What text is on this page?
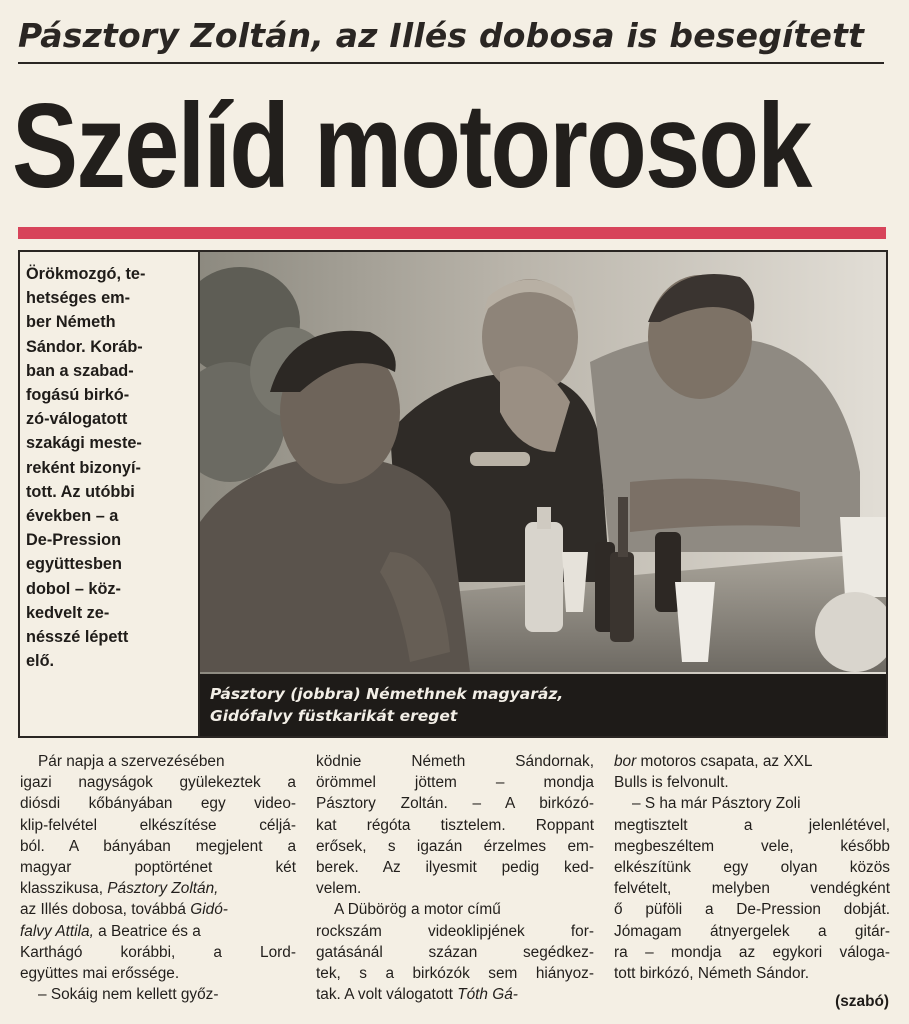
Pásztory Zoltán, az Illés dobosa is besegített
Szelíd motorosok

Örökmozgó, te-
hetséges em-
ber Németh
Sándor. Koráb-
ban a szabad-
fogású birkó-
zó-válogatott
szakági meste-
reként bizonyí-
tott. Az utóbbi
években – a
De-Pression
együttesben
dobol – köz-
kedvelt ze-
nésszé lépett
elő.

Pásztory (jobbra) Némethnek magyaráz,
Gidófalvy füstkarikát ereget
Pár napja a szervezésében
igazi nagyságok gyülekeztek a
diósdi kőbányában egy video-
klip-felvétel elkészítése céljá-
ból. A bányában megjelent a
magyar poptörténet két
klasszikusa, Pásztory Zoltán,
az Illés dobosa, továbbá Gidó-
falvy Attila, a Beatrice és a
Karthágó korábbi, a Lord-
együttes mai erőssége.
– Sokáig nem kellett győz-
ködnie Németh Sándornak,
örömmel jöttem – mondja
Pásztory Zoltán. – A birkózó-
kat régóta tisztelem. Roppant
erősek, s igazán érzelmes em-
berek. Az ilyesmit pedig ked-
velem.
A Dübörög a motor című
rockszám videoklipjének for-
gatásánál százan segédkez-
tek, s a birkózók sem hiányoz-
tak. A volt válogatott Tóth Gá-
bor motoros csapata, az XXL
Bulls is felvonult.
– S ha már Pásztory Zoli
megtisztelt a jelenlétével,
megbeszéltem vele, később
elkészítünk egy olyan közös
felvételt, melyben vendégként
ő püföli a De-Pression dobját.
Jómagam átnyergelek a gitár-
ra – mondja az egykori váloga-
tott birkózó, Németh Sándor.
(szabó)
